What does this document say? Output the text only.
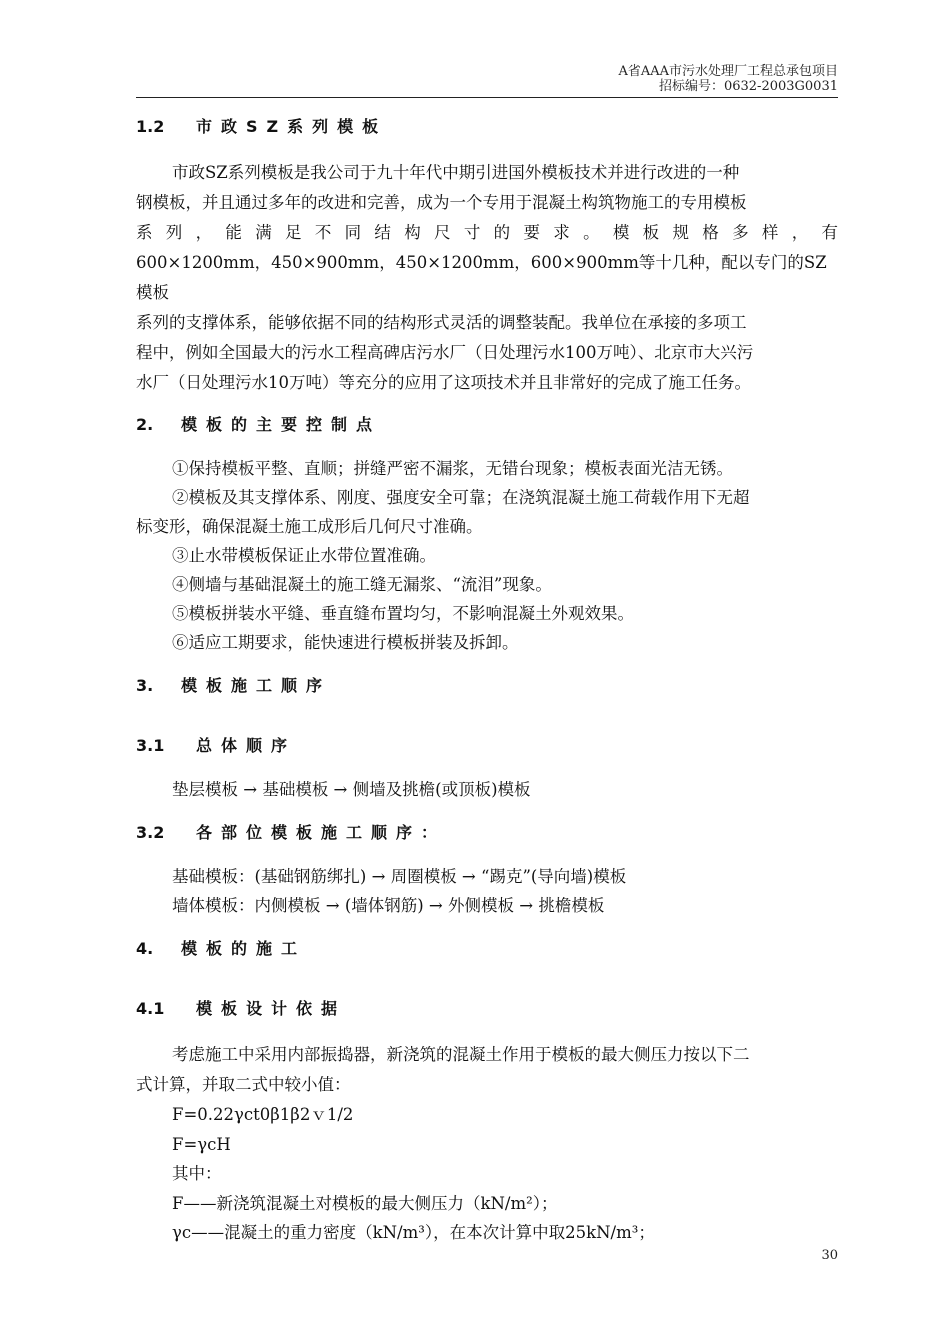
A省AAA市污水处理厂工程总承包项目
招标编号：0632-2003G0031
1.2 市政SZ系列模板

市政SZ系列模板是我公司于九十年代中期引进国外模板技术并进行改进的一种

钢模板，并且通过多年的改进和完善，成为一个专用于混凝土构筑物施工的专用模板

系列，能满足不同结构尺寸的要求。模板规格多样，有

600×1200mm，450×900mm，450×1200mm，600×900mm等十几种，配以专门的SZ模板

系列的支撑体系，能够依据不同的结构形式灵活的调整装配。我单位在承接的多项工

程中，例如全国最大的污水工程高碑店污水厂（日处理污水100万吨）、北京市大兴污

水厂（日处理污水10万吨）等充分的应用了这项技术并且非常好的完成了施工任务。

2. 模板的主要控制点

①保持模板平整、直顺；拼缝严密不漏浆，无错台现象；模板表面光洁无锈。

②模板及其支撑体系、刚度、强度安全可靠；在浇筑混凝土施工荷载作用下无超

标变形，确保混凝土施工成形后几何尺寸准确。

③止水带模板保证止水带位置准确。

④侧墙与基础混凝土的施工缝无漏浆、“流泪”现象。

⑤模板拼装水平缝、垂直缝布置均匀，不影响混凝土外观效果。

⑥适应工期要求，能快速进行模板拼装及拆卸。

3. 模板施工顺序
3.1 总体顺序

垫层模板 → 基础模板 → 侧墙及挑檐(或顶板)模板

3.2 各部位模板施工顺序：

基础模板：(基础钢筋绑扎) → 周圈模板 → “踢克”(导向墙)模板

墙体模板：内侧模板 → (墙体钢筋) → 外侧模板 → 挑檐模板

4. 模板的施工
4.1 模板设计依据

考虑施工中采用内部振捣器，新浇筑的混凝土作用于模板的最大侧压力按以下二

式计算，并取二式中较小值：

F=0.22γct0β1β2ｖ1/2

F=γcH

其中：

F——新浇筑混凝土对模板的最大侧压力（kN/m²）；

γc——混凝土的重力密度（kN/m³），在本次计算中取25kN/m³；

30
